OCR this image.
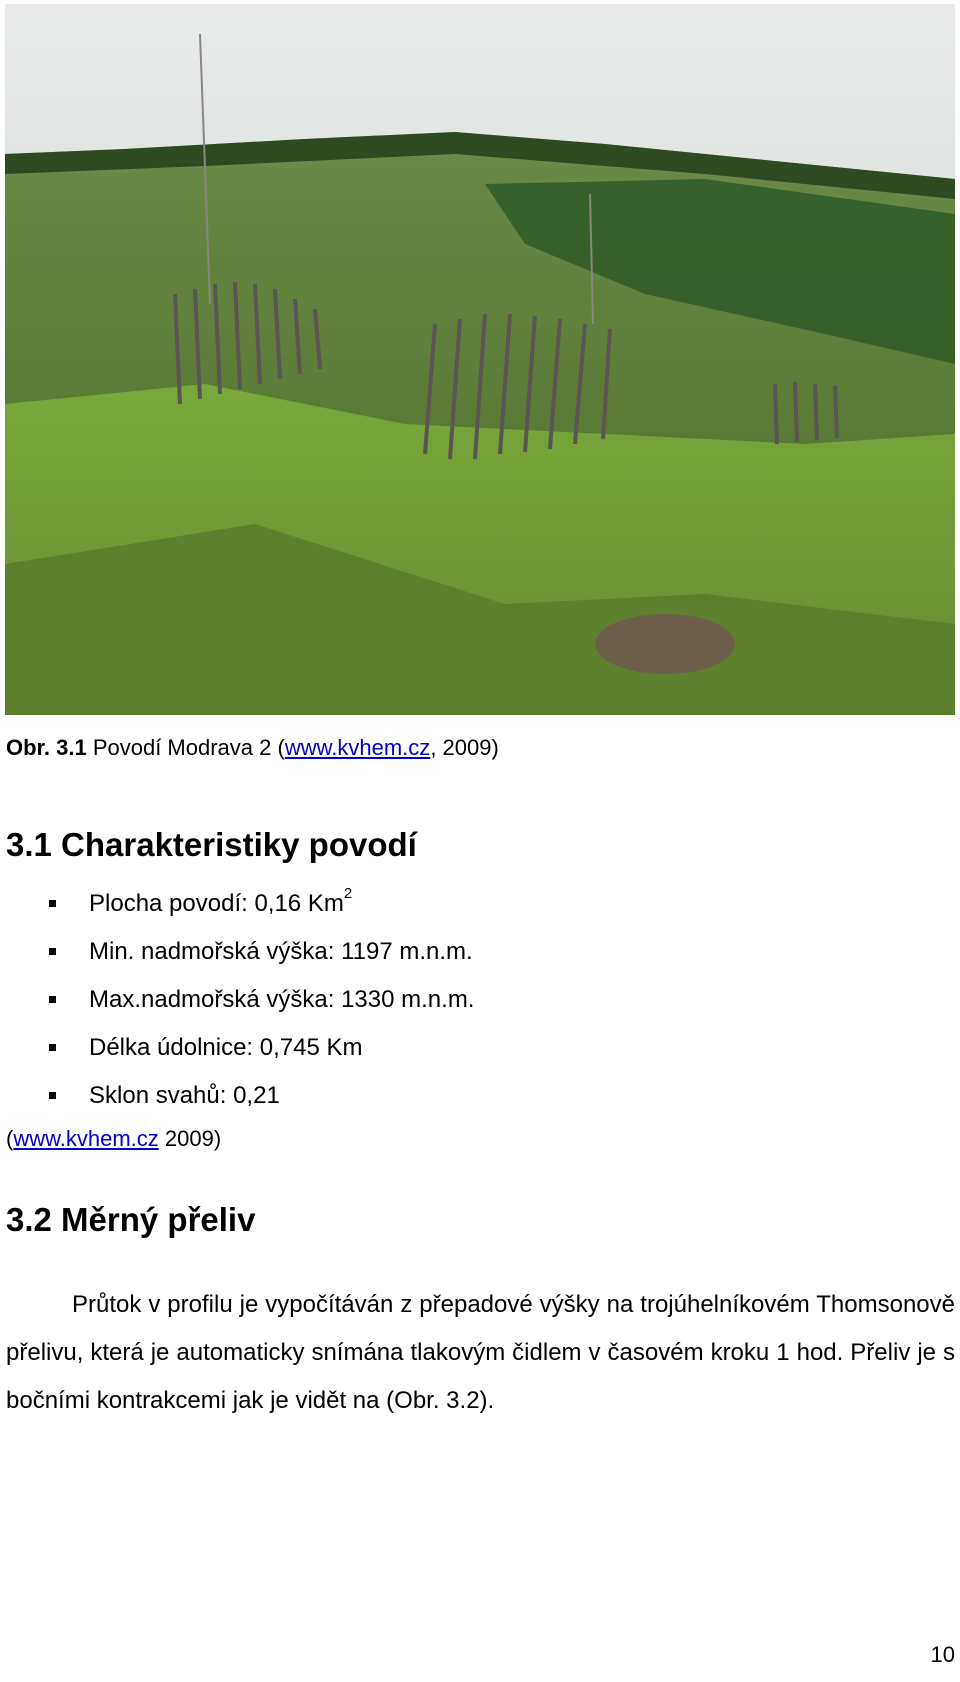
Obr. 3.1 Povodí Modrava 2 (www.kvhem.cz, 2009)
3.1 Charakteristiky povodí
Plocha povodí: 0,16 Km$^2$
Min. nadmořská výška: 1197 m.n.m.
Max.nadmořská výška: 1330 m.n.m.
Délka údolnice: 0,745 Km
Sklon svahů: 0,21
(www.kvhem.cz 2009)
3.2 Měrný přeliv

Průtok v profilu je vypočítáván z přepadové výšky na trojúhelníkovém Thomsonově přelivu, která je automaticky snímána tlakovým čidlem v časovém kroku 1 hod. Přeliv je s bočními kontrakcemi jak je vidět na (Obr. 3.2).

10
